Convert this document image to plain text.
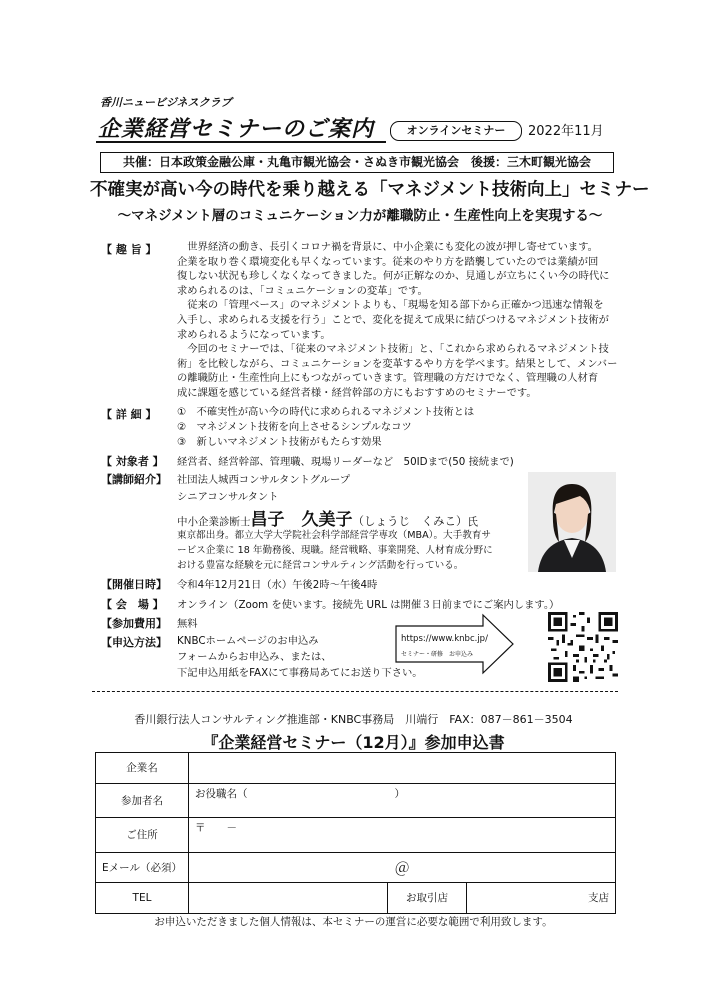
香川ニュービジネスクラブ
企業経営セミナーのご案内	オンラインセミナー	2022年11月
共催：日本政策金融公庫・丸亀市観光協会・さぬき市観光協会　後援：三木町観光協会
不確実が高い今の時代を乗り越える「マネジメント技術向上」セミナー
～マネジメント層のコミュニケーション力が離職防止・生産性向上を実現する～
【 趣 旨 】	　世界経済の動き、長引くコロナ禍を背景に、中小企業にも変化の波が押し寄せています。
企業を取り巻く環境変化も早くなっています。従来のやり方を踏襲していたのでは業績が回
復しない状況も珍しくなくなってきました。何が正解なのか、見通しが立ちにくい今の時代に
求められるのは、「コミュニケーションの変革」です。
　従来の「管理ベース」のマネジメントよりも、「現場を知る部下から正確かつ迅速な情報を
入手し、求められる支援を行う」ことで、変化を捉えて成果に結びつけるマネジメント技術が
求められるようになっています。
　今回のセミナーでは、「従来のマネジメント技術」と、「これから求められるマネジメント技
術」を比較しながら、コミュニケーションを変革するやり方を学べます。結果として、メンバー
の離職防止・生産性向上にもつながっていきます。管理職の方だけでなく、管理職の人材育
成に課題を感じている経営者様・経営幹部の方にもおすすめのセミナーです。
【 詳 細 】	①　不確実性が高い今の時代に求められるマネジメント技術とは
②　マネジメント技術を向上させるシンプルなコツ
③　新しいマネジメント技術がもたらす効果
【 対象者 】 経営者、経営幹部、管理職、現場リーダーなど　50IDまで(50 接続まで)
【講師紹介】 社団法人城西コンサルタントグループ
シニアコンサルタント
中小企業診断士昌子　久美子（しょうじ　くみこ）氏
東京都出身。都立大学大学院社会科学部経営学専攻（MBA）。大手教育サ
ービス企業に 18 年勤務後、現職。経営戦略、事業開発、人材育成分野に
おける豊富な経験を元に経営コンサルティング活動を行っている。
【開催日時】 令和4年12月21日（水）午後2時～午後4時
【 会　場 】 オンライン（Zoom を使います。接続先 URL は開催３日前までにご案内します。）
【参加費用】 無料
【申込方法】 KNBCホームページのお申込み
フォームからお申込み、または、
下記申込用紙をFAXにて事務局あてにお送り下さい。
https://www.knbc.jp/
セミナー・研修　お申込み
香川銀行法人コンサルティング推進部・KNBC事務局　川端行　FAX：087－861－3504
『企業経営セミナー（12月）』参加申込書
企業名			
参加者名	お役職名（　　　　　　　　　　　　　　）		
ご住所	〒　　－		
Eメール（必須）	＠		
TEL		お取引店	支店
お申込いただきました個人情報は、本セミナーの運営に必要な範囲で利用致します。
